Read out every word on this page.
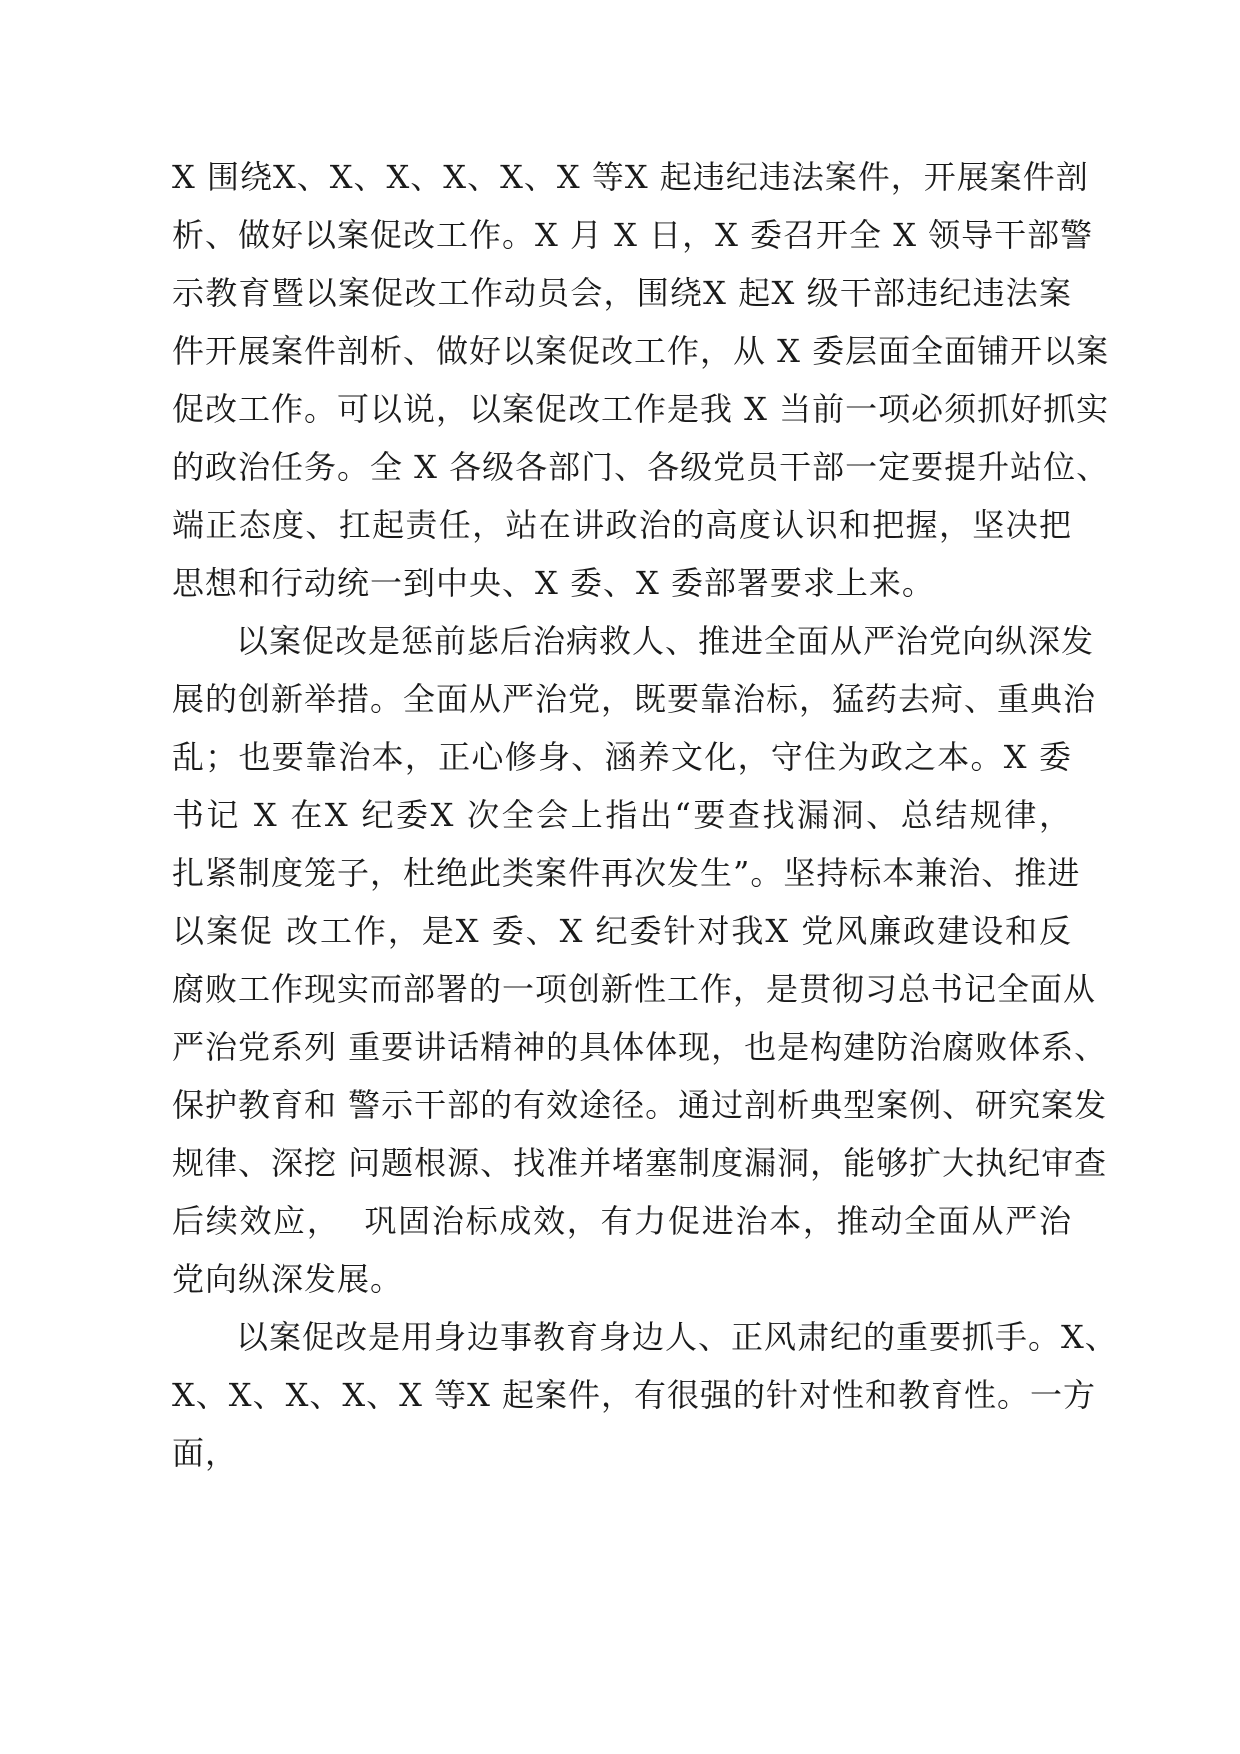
X 围绕X、X、X、X、X、X 等X 起违纪违法案件，开展案件剖
析、做好以案促改工作。X 月 X 日，X 委召开全 X 领导干部警
示教育暨以案促改工作动员会，围绕X 起X 级干部违纪违法案
件开展案件剖析、做好以案促改工作，从 X 委层面全面铺开以案
促改工作。可以说，以案促改工作是我 X 当前一项必须抓好抓实
的政治任务。全 X 各级各部门、各级党员干部一定要提升站位、
端正态度、扛起责任，站在讲政治的高度认识和把握，坚决把
思想和行动统一到中央、X 委、X 委部署要求上来。
以案促改是惩前毖后治病救人、推进全面从严治党向纵深发
展的创新举措。全面从严治党，既要靠治标，猛药去疴、重典治
乱；也要靠治本，正心修身、涵养文化，守住为政之本。X 委
书记 X 在X 纪委X 次全会上指出“要查找漏洞、总结规律，
扎紧制度笼子，杜绝此类案件再次发生”。坚持标本兼治、推进
以案促 改工作，是X 委、X 纪委针对我X 党风廉政建设和反
腐败工作现实而部署的一项创新性工作，是贯彻习总书记全面从
严治党系列 重要讲话精神的具体体现，也是构建防治腐败体系、
保护教育和 警示干部的有效途径。通过剖析典型案例、研究案发
规律、深挖 问题根源、找准并堵塞制度漏洞，能够扩大执纪审查
后续效应，  巩固治标成效，有力促进治本，推动全面从严治
党向纵深发展。
以案促改是用身边事教育身边人、正风肃纪的重要抓手。X、
X、X、X、X、X 等X 起案件，有很强的针对性和教育性。一方
面，
